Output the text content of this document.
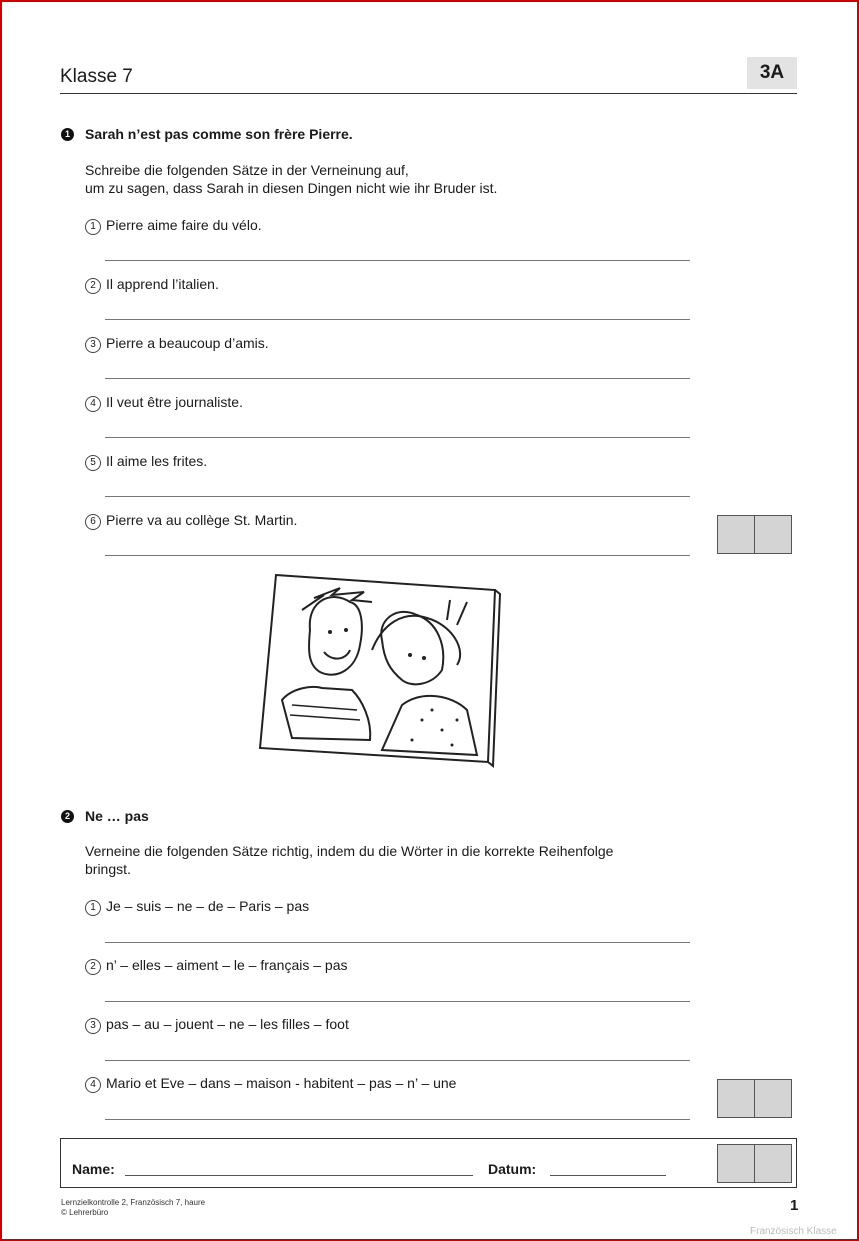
Klasse 7	3A
1 Sarah n’est pas comme son frère Pierre.
Schreibe die folgenden Sätze in der Verneinung auf,
um zu sagen, dass Sarah in diesen Dingen nicht wie ihr Bruder ist.
1 Pierre aime faire du vélo.
2 Il apprend l’italien.
3 Pierre a beaucoup d’amis.
4 Il veut être journaliste.
5 Il aime les frites.
6 Pierre va au collège St. Martin.
2 Ne … pas
Verneine die folgenden Sätze richtig, indem du die Wörter in die korrekte Reihenfolge
bringst.
1 Je – suis – ne – de – Paris – pas
2 n’ – elles – aiment – le – français – pas
3 pas – au – jouent – ne – les filles – foot
4 Mario et Eve – dans – maison - habitent – pas – n’ – une
Name:	Datum:
Lernzielkontrolle 2, Französisch 7, haure
© Lehrerbüro	1
Französisch Klasse
